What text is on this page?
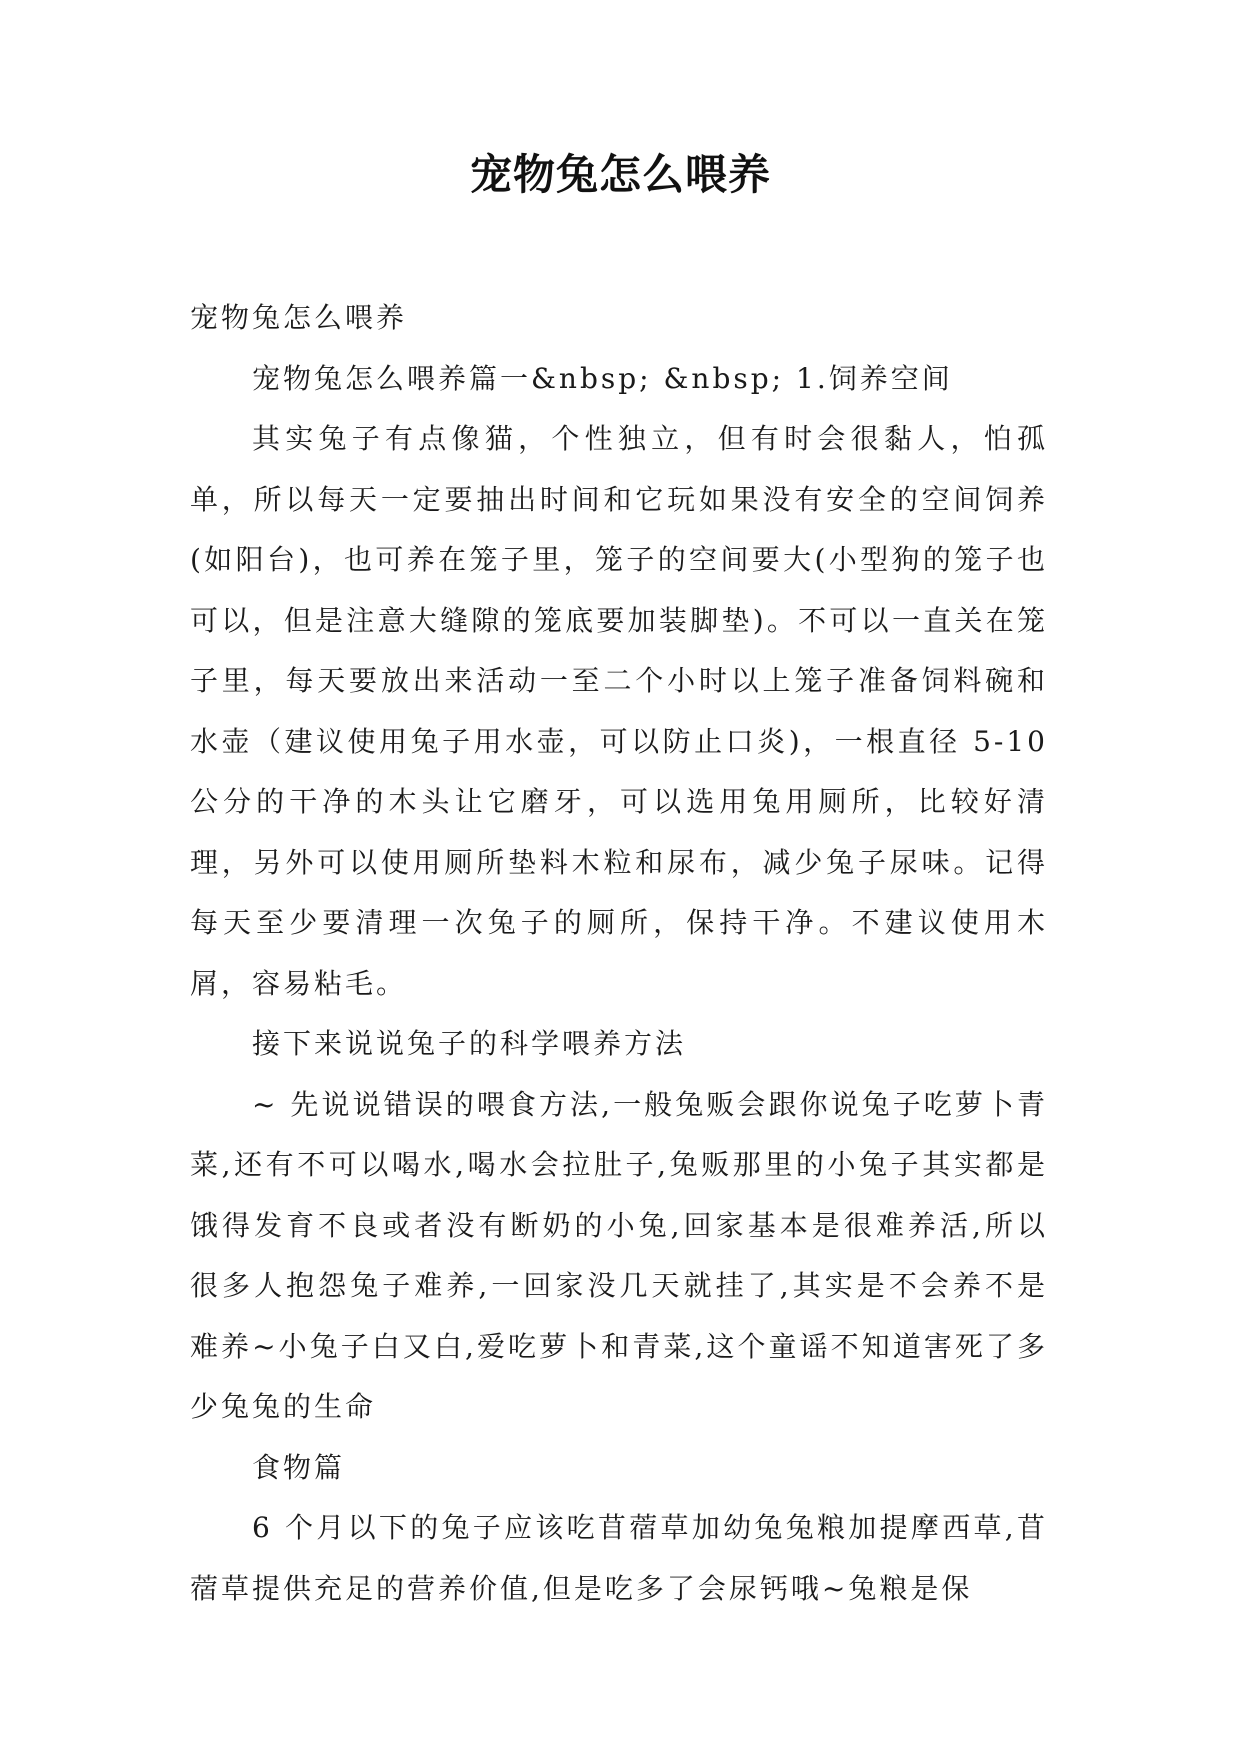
宠物兔怎么喂养

宠物兔怎么喂养

宠物兔怎么喂养篇一&nbsp; &nbsp; 1.饲养空间

其实兔子有点像猫，个性独立，但有时会很黏人，怕孤单，所以每天一定要抽出时间和它玩如果没有安全的空间饲养(如阳台)，也可养在笼子里，笼子的空间要大(小型狗的笼子也可以，但是注意大缝隙的笼底要加装脚垫)。不可以一直关在笼子里，每天要放出来活动一至二个小时以上笼子准备饲料碗和水壶（建议使用兔子用水壶，可以防止口炎)，一根直径 5-10 公分的干净的木头让它磨牙，可以选用兔用厕所，比较好清理，另外可以使用厕所垫料木粒和尿布，减少兔子尿味。记得每天至少要清理一次兔子的厕所，保持干净。不建议使用木屑，容易粘毛。

接下来说说兔子的科学喂养方法

~ 先说说错误的喂食方法,一般兔贩会跟你说兔子吃萝卜青菜,还有不可以喝水,喝水会拉肚子,兔贩那里的小兔子其实都是饿得发育不良或者没有断奶的小兔,回家基本是很难养活,所以很多人抱怨兔子难养,一回家没几天就挂了,其实是不会养不是难养~小兔子白又白,爱吃萝卜和青菜,这个童谣不知道害死了多少兔兔的生命

食物篇

6 个月以下的兔子应该吃苜蓿草加幼兔兔粮加提摩西草,苜蓿草提供充足的营养价值,但是吃多了会尿钙哦~兔粮是保
